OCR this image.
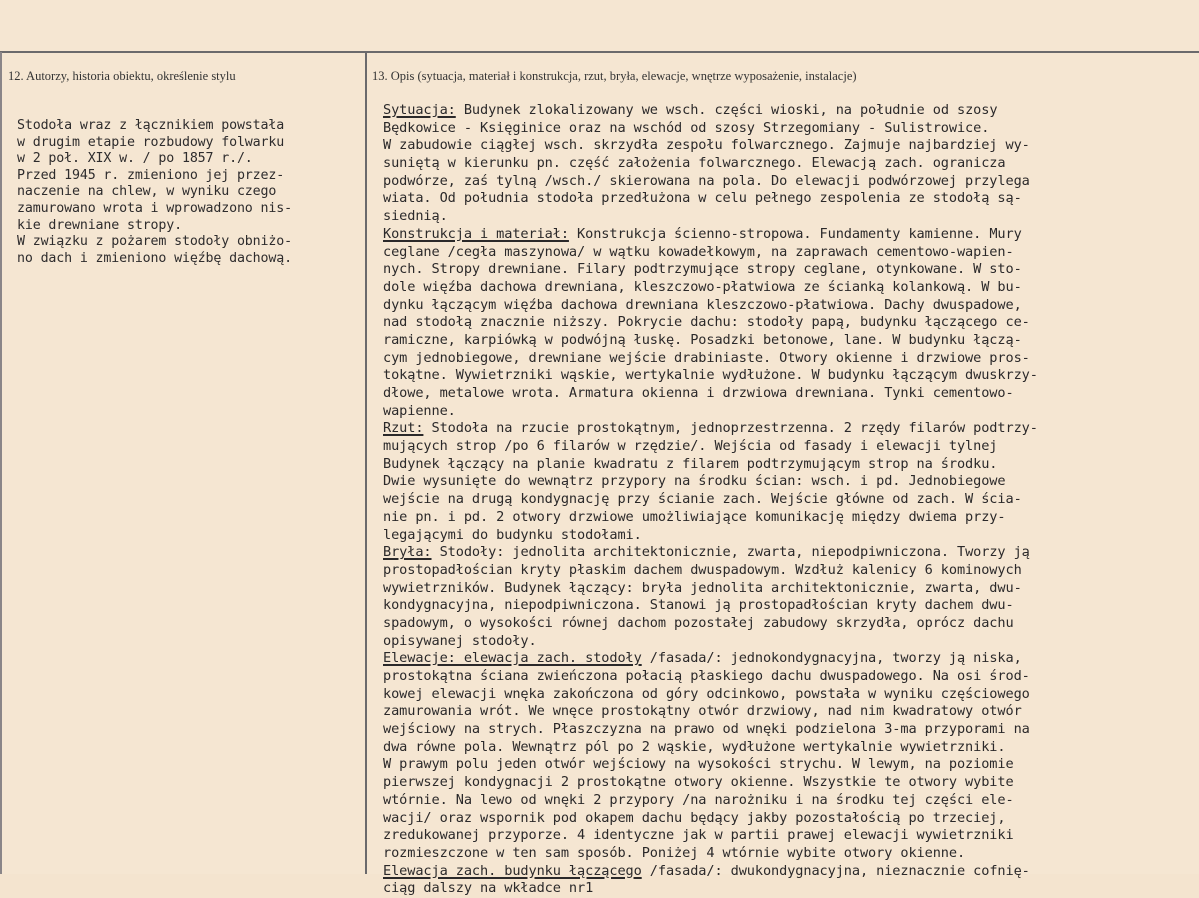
12. Autorzy, historia obiektu, określenie stylu	13. Opis (sytuacja, materiał i konstrukcja, rzut, bryła, elewacje, wnętrze wyposażenie, instalacje)
Stodoła wraz z łącznikiem powstała
w drugim etapie rozbudowy folwarku
w 2 poł. XIX w. / po 1857 r./.
Przed 1945 r. zmieniono jej przez-
naczenie na chlew, w wyniku czego
zamurowano wrota i wprowadzono nis-
kie drewniane stropy.
W związku z pożarem stodoły obniżo-
no dach i zmieniono więźbę dachową.
Sytuacja: Budynek zlokalizowany we wsch. części wioski, na południe od szosy
Będkowice - Księginice oraz na wschód od szosy Strzegomiany - Sulistrowice.
W zabudowie ciągłej wsch. skrzydła zespołu folwarcznego. Zajmuje najbardziej wy-
suniętą w kierunku pn. część założenia folwarcznego. Elewacją zach. ogranicza
podwórze, zaś tylną /wsch./ skierowana na pola. Do elewacji podwórzowej przylega
wiata. Od południa stodoła przedłużona w celu pełnego zespolenia ze stodołą są-
siednią.
Konstrukcja i materiał: Konstrukcja ścienno-stropowa. Fundamenty kamienne. Mury
ceglane /cegła maszynowa/ w wątku kowadełkowym, na zaprawach cementowo-wapien-
nych. Stropy drewniane. Filary podtrzymujące stropy ceglane, otynkowane. W sto-
dole więźba dachowa drewniana, kleszczowo-płatwiowa ze ścianką kolankową. W bu-
dynku łączącym więźba dachowa drewniana kleszczowo-płatwiowa. Dachy dwuspadowe,
nad stodołą znacznie niższy. Pokrycie dachu: stodoły papą, budynku łączącego ce-
ramiczne, karpiówką w podwójną łuskę. Posadzki betonowe, lane. W budynku łączą-
cym jednobiegowe, drewniane wejście drabiniaste. Otwory okienne i drzwiowe pros-
tokątne. Wywietrzniki wąskie, wertykalnie wydłużone. W budynku łączącym dwuskrzy-
dłowe, metalowe wrota. Armatura okienna i drzwiowa drewniana. Tynki cementowo-
wapienne.
Rzut: Stodoła na rzucie prostokątnym, jednoprzestrzenna. 2 rzędy filarów podtrzy-
mujących strop /po 6 filarów w rzędzie/. Wejścia od fasady i elewacji tylnej
Budynek łączący na planie kwadratu z filarem podtrzymującym strop na środku.
Dwie wysunięte do wewnątrz przypory na środku ścian: wsch. i pd. Jednobiegowe
wejście na drugą kondygnację przy ścianie zach. Wejście główne od zach. W ścia-
nie pn. i pd. 2 otwory drzwiowe umożliwiające komunikację między dwiema przy-
legającymi do budynku stodołami.
Bryła: Stodoły: jednolita architektonicznie, zwarta, niepodpiwniczona. Tworzy ją
prostopadłościan kryty płaskim dachem dwuspadowym. Wzdłuż kalenicy 6 kominowych
wywietrzników. Budynek łączący: bryła jednolita architektonicznie, zwarta, dwu-
kondygnacyjna, niepodpiwniczona. Stanowi ją prostopadłościan kryty dachem dwu-
spadowym, o wysokości równej dachom pozostałej zabudowy skrzydła, oprócz dachu
opisywanej stodoły.
Elewacje: elewacja zach. stodoły /fasada/: jednokondygnacyjna, tworzy ją niska,
prostokątna ściana zwieńczona połacią płaskiego dachu dwuspadowego. Na osi środ-
kowej elewacji wnęka zakończona od góry odcinkowo, powstała w wyniku częściowego
zamurowania wrót. We wnęce prostokątny otwór drzwiowy, nad nim kwadratowy otwór
wejściowy na strych. Płaszczyzna na prawo od wnęki podzielona 3-ma przyporami na
dwa równe pola. Wewnątrz pól po 2 wąskie, wydłużone wertykalnie wywietrzniki.
W prawym polu jeden otwór wejściowy na wysokości strychu. W lewym, na poziomie
pierwszej kondygnacji 2 prostokątne otwory okienne. Wszystkie te otwory wybite
wtórnie. Na lewo od wnęki 2 przypory /na narożniku i na środku tej części ele-
wacji/ oraz wspornik pod okapem dachu będący jakby pozostałością po trzeciej,
zredukowanej przyporze. 4 identyczne jak w partii prawej elewacji wywietrzniki
rozmieszczone w ten sam sposób. Poniżej 4 wtórnie wybite otwory okienne.
Elewacja zach. budynku łączącego /fasada/: dwukondygnacyjna, nieznacznie cofnię-
ciąg dalszy na wkładce nr1
